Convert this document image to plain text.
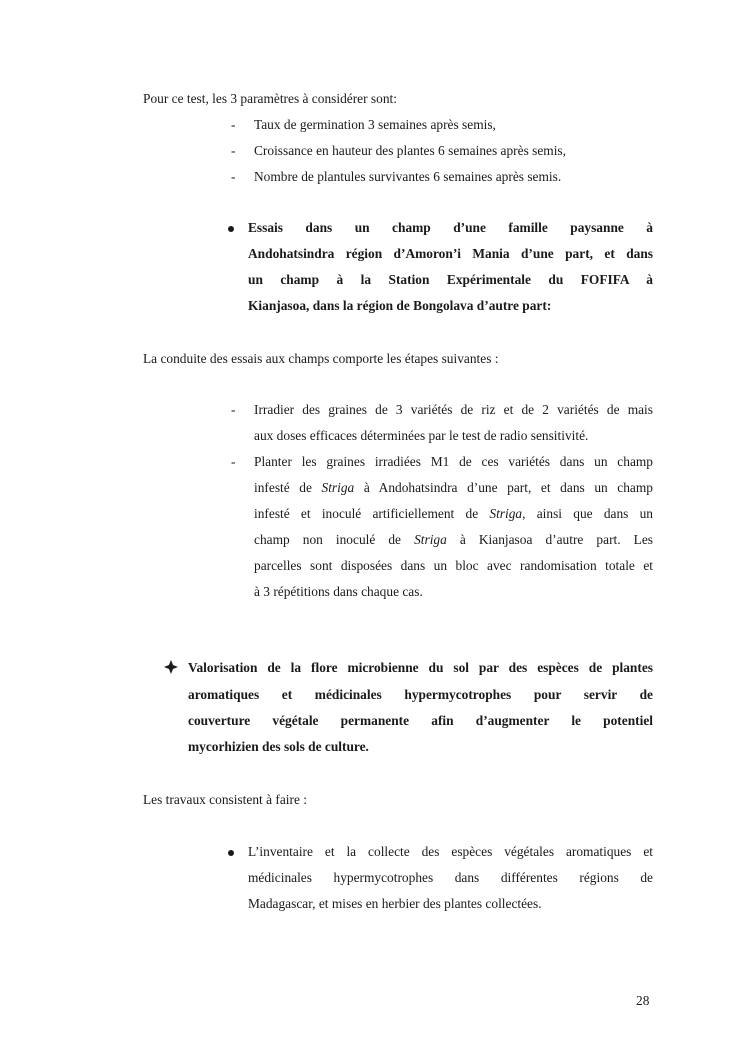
Pour ce test, les 3 paramètres à considérer sont:
- Taux de germination 3 semaines après semis,
- Croissance en hauteur des plantes 6 semaines après semis,
- Nombre de plantules survivantes 6 semaines après semis.
Essais dans un champ d’une famille paysanne à
Andohatsindra région d’Amoron’i Mania d’une part, et dans
un champ à la Station Expérimentale du FOFIFA à
Kianjasoa, dans la région de Bongolava d’autre part:
La conduite des essais aux champs comporte les étapes suivantes :
- Irradier des graines de 3 variétés de riz et de 2 variétés de mais
aux doses efficaces déterminées par le test de radio sensitivité.
- Planter les graines irradiées M1 de ces variétés dans un champ
infesté de Striga à Andohatsindra d’une part, et dans un champ
infesté et inoculé artificiellement de Striga, ainsi que dans un
champ non inoculé de Striga à Kianjasoa d’autre part. Les
parcelles sont disposées dans un bloc avec randomisation totale et
à 3 répétitions dans chaque cas.
Valorisation de la flore microbienne du sol par des espèces de plantes
aromatiques et médicinales hypermycotrophes pour servir de
couverture végétale permanente afin d’augmenter le potentiel
mycorhizien des sols de culture.
Les travaux consistent à faire :
L’inventaire et la collecte des espèces végétales aromatiques et
médicinales hypermycotrophes dans différentes régions de
Madagascar, et mises en herbier des plantes collectées.
28
